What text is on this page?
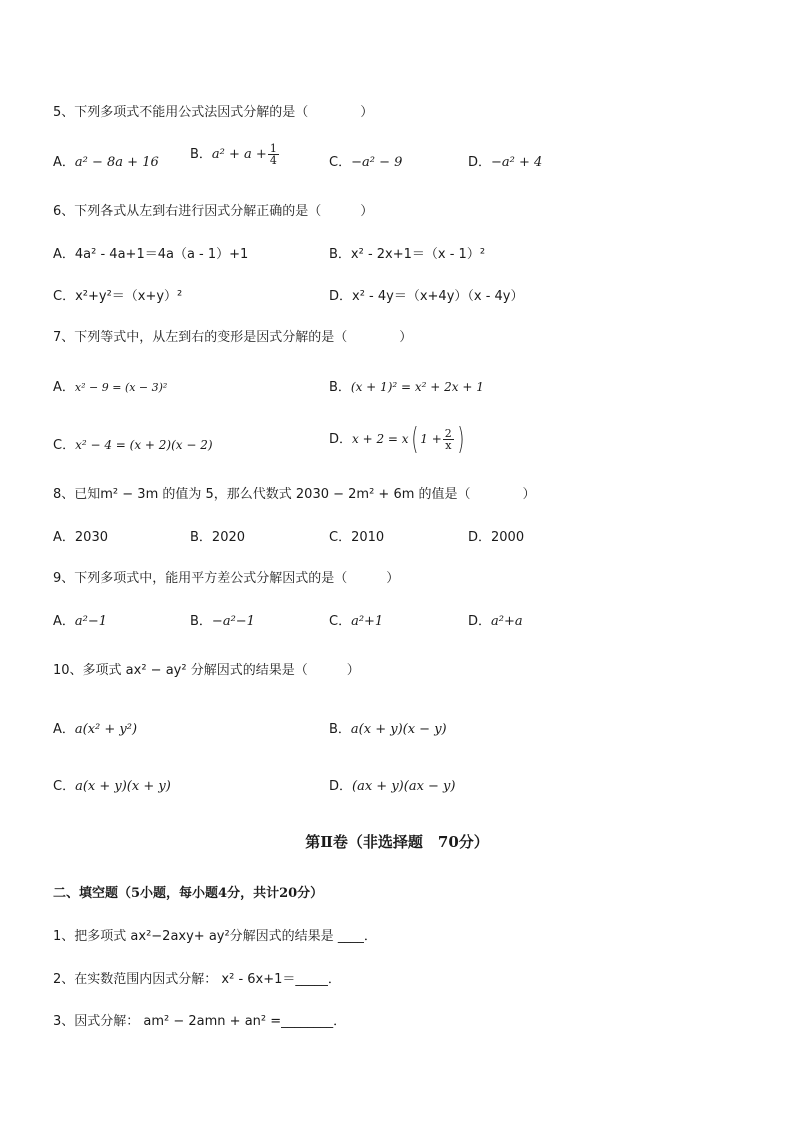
5、下列多项式不能用公式法因式分解的是（　　　　）
A．a² − 8a + 16
B．$a^2 + a + \frac{1}{4}$	C．−a² − 9	D．−a² + 4
6、下列各式从左到右进行因式分解正确的是（　　　）
A．4a² - 4a+1＝4a（a - 1）+1	B．x² - 2x+1＝（x - 1）²
C．x²+y²＝（x+y）²	D．x² - 4y＝（x+4y）（x - 4y）
7、下列等式中，从左到右的变形是因式分解的是（　　　　）
A．x² − 9 = (x − 3)²	B．(x + 1)² = x² + 2x + 1
C．x² − 4 = (x + 2)(x − 2)	D．x + 2 = x( $1 + \frac{2}{x}$ )
8、已知m² − 3m 的值为 5，那么代数式 2030 − 2m² + 6m 的值是（　　　　）
A．2030	B．2020	C．2010	D．2000
9、下列多项式中，能用平方差公式分解因式的是（　　　）
A．a²−1	B．−a²−1	C．a²+1	D．a²+a
10、多项式 ax² − ay² 分解因式的结果是（　　　）
A．a(x² + y²)	B．a(x + y)(x − y)
C．a(x + y)(x + y)	D．(ax + y)(ax − y)
第Ⅱ卷（非选择题　70分）
二、填空题（5小题，每小题4分，共计20分）
1、把多项式 ax²−2axy+ ay²分解因式的结果是 ____．
2、在实数范围内因式分解： x² - 6x+1＝_____．
3、因式分解： am² − 2amn + an² =________．
